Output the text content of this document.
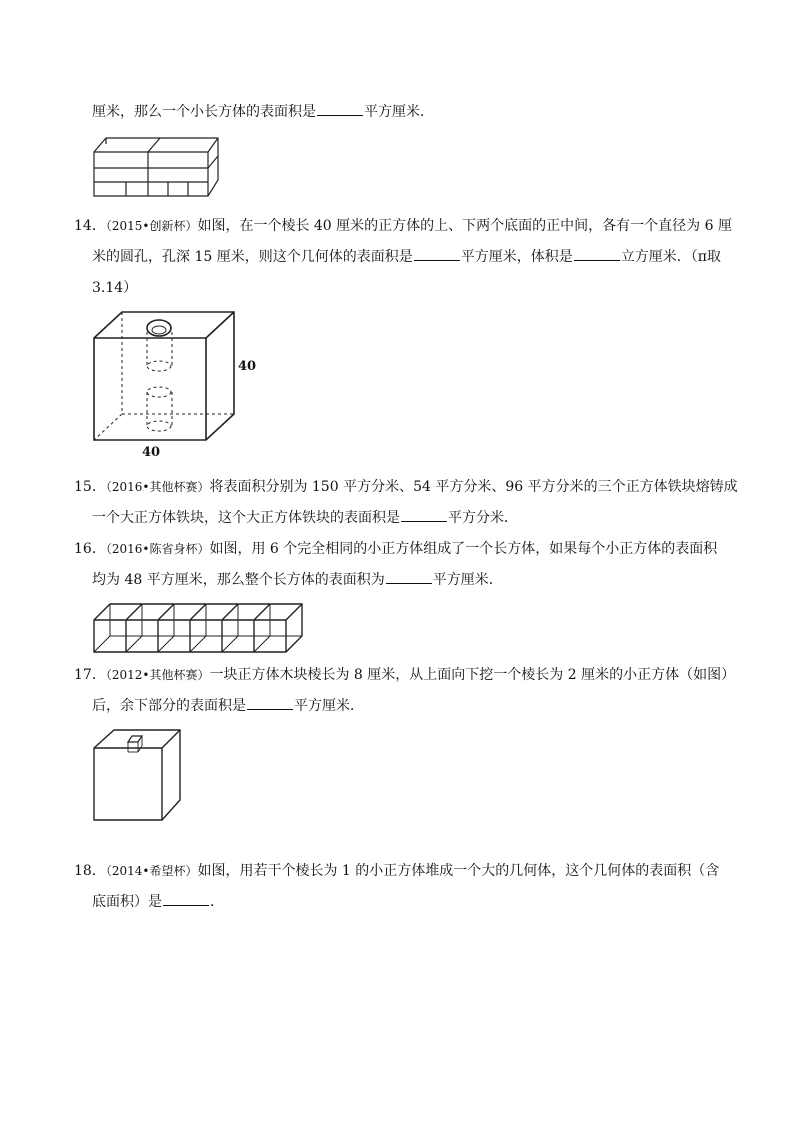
厘米，那么一个小长方体的表面积是	平方厘米．
14．（2015•创新杯）如图，在一个棱长 40 厘米的正方体的上、下两个底面的正中间，各有一个直径为 6 厘
米的圆孔，孔深 15 厘米，则这个几何体的表面积是	平方厘米，体积是	立方厘米．（π取
3.14）
40
40
15．（2016•其他杯赛）将表面积分别为 150 平方分米、54 平方分米、96 平方分米的三个正方体铁块熔铸成
一个大正方体铁块，这个大正方体铁块的表面积是	平方分米．
16．（2016•陈省身杯）如图，用 6 个完全相同的小正方体组成了一个长方体，如果每个小正方体的表面积
均为 48 平方厘米，那么整个长方体的表面积为	平方厘米．
17．（2012•其他杯赛）一块正方体木块棱长为 8 厘米，从上面向下挖一个棱长为 2 厘米的小正方体（如图）
后，余下部分的表面积是	平方厘米．
18．（2014•希望杯）如图，用若干个棱长为 1 的小正方体堆成一个大的几何体，这个几何体的表面积（含
底面积）是	．
